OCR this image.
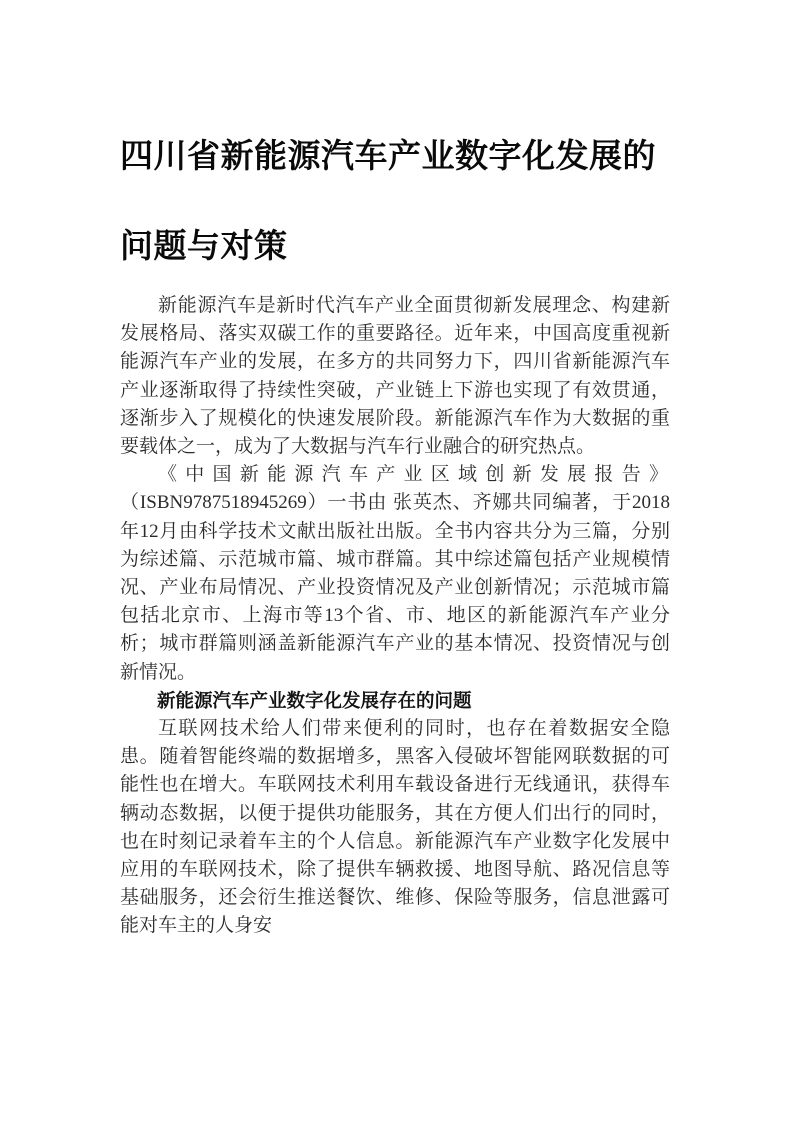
四川省新能源汽车产业数字化发展的问题与对策

新能源汽车是新时代汽车产业全面贯彻新发展理念、构建新发展格局、落实双碳工作的重要路径。近年来，中国高度重视新能源汽车产业的发展，在多方的共同努力下，四川省新能源汽车产业逐渐取得了持续性突破，产业链上下游也实现了有效贯通，逐渐步入了规模化的快速发展阶段。新能源汽车作为大数据的重要载体之一，成为了大数据与汽车行业融合的研究热点。

《中国新能源汽车产业区域创新发展报告》
（ISBN9787518945269）一书由 张英杰、齐娜共同编著，于2018年12月由科学技术文献出版社出版。全书内容共分为三篇，分别为综述篇、示范城市篇、城市群篇。其中综述篇包括产业规模情况、产业布局情况、产业投资情况及产业创新情况；示范城市篇包括北京市、上海市等13个省、市、地区的新能源汽车产业分析；城市群篇则涵盖新能源汽车产业的基本情况、投资情况与创新情况。

新能源汽车产业数字化发展存在的问题

互联网技术给人们带来便利的同时，也存在着数据安全隐患。随着智能终端的数据增多，黑客入侵破坏智能网联数据的可能性也在增大。车联网技术利用车载设备进行无线通讯，获得车辆动态数据，以便于提供功能服务，其在方便人们出行的同时，也在时刻记录着车主的个人信息。新能源汽车产业数字化发展中应用的车联网技术，除了提供车辆救援、地图导航、路况信息等基础服务，还会衍生推送餐饮、维修、保险等服务，信息泄露可能对车主的人身安
